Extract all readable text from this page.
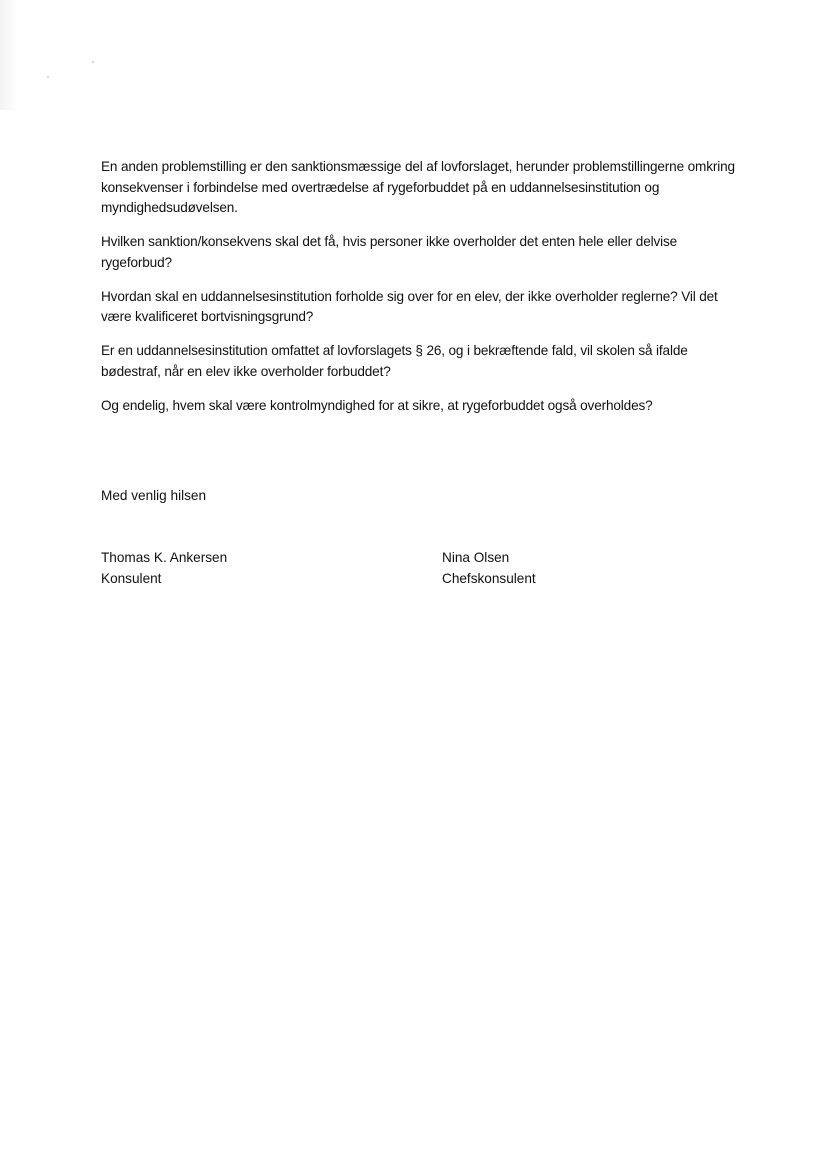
En anden problemstilling er den sanktionsmæssige del af lovforslaget, herunder problemstillingerne omkring konsekvenser i forbindelse med overtrædelse af rygeforbuddet på en uddannelsesinstitution og myndighedsudøvelsen.

Hvilken sanktion/konsekvens skal det få, hvis personer ikke overholder det enten hele eller delvise rygeforbud?

Hvordan skal en uddannelsesinstitution forholde sig over for en elev, der ikke overholder reglerne? Vil det være kvalificeret bortvisningsgrund?

Er en uddannelsesinstitution omfattet af lovforslagets § 26, og i bekræftende fald, vil skolen så ifalde bødestraf, når en elev ikke overholder forbuddet?

Og endelig, hvem skal være kontrolmyndighed for at sikre, at rygeforbuddet også overholdes?

Med venlig hilsen
Thomas K. Ankersen
Konsulent
Nina Olsen
Chefskonsulent
